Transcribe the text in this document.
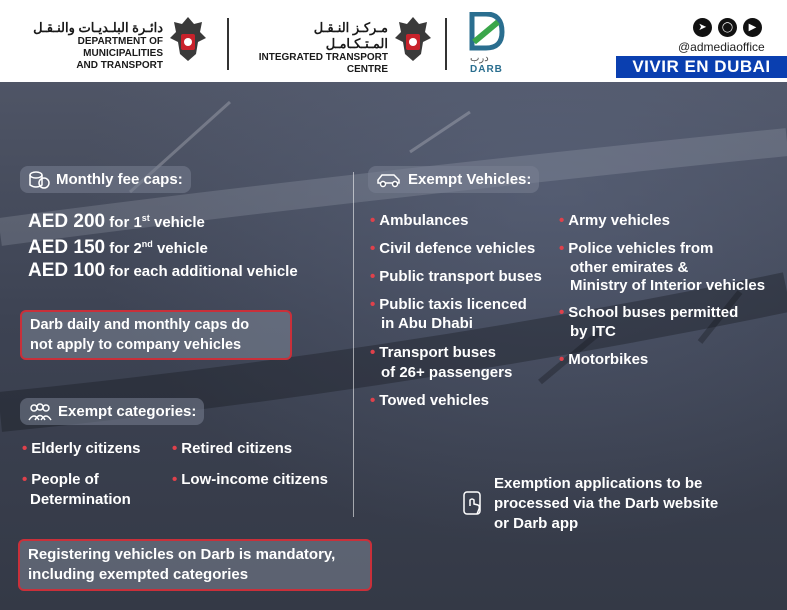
دائـرة البلـديـات والنـقـل
DEPARTMENT OF MUNICIPALITIES
AND TRANSPORT
مـركـز النـقـل المـتـكـامـل
INTEGRATED TRANSPORT CENTRE
درب
DARB
➤	◯	▶
@admediaoffice
VIVIR EN DUBAI
Monthly fee caps:
AED 200 for 1st vehicle
AED 150 for 2nd vehicle
AED 100 for each additional vehicle
Darb daily and monthly caps do
not apply to company vehicles
Exempt categories:
• Elderly citizens • Retired citizens
• People of
Determination
• Low-income citizens
Exempt Vehicles:
• Ambulances
• Civil defence vehicles
• Public transport buses
• Public taxis licenced
in Abu Dhabi
• Transport buses
of 26+ passengers
• Towed vehicles
• Army vehicles
• Police vehicles from
other emirates &
Ministry of Interior vehicles
• School buses permitted
by ITC
• Motorbikes
Exemption applications to be
processed via the Darb website
or Darb app
Registering vehicles on Darb is mandatory,
including exempted categories
